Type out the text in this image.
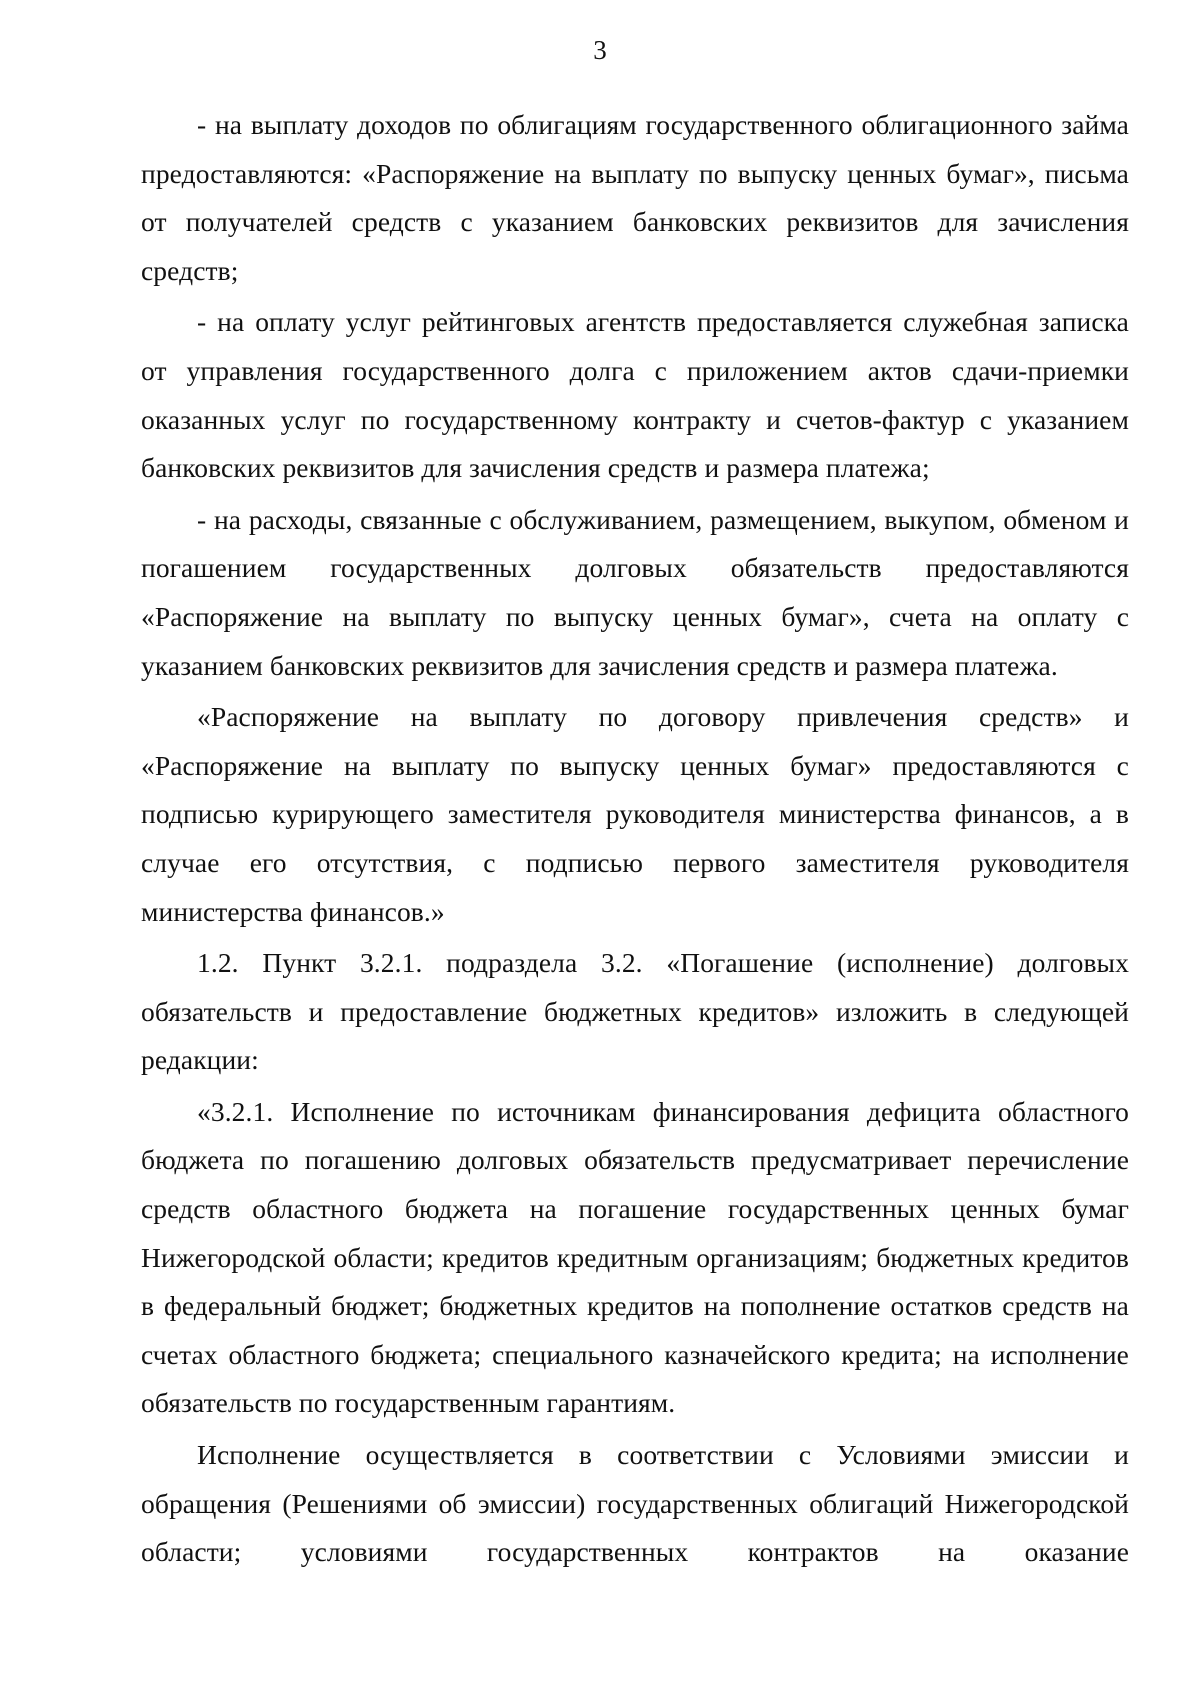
3

- на выплату доходов по облигациям государственного облигационного займа предоставляются: «Распоряжение на выплату по выпуску ценных бумаг», письма от получателей средств с указанием банковских реквизитов для зачисления средств;

- на оплату услуг рейтинговых агентств предоставляется служебная записка от управления государственного долга с приложением актов сдачи-приемки оказанных услуг по государственному контракту и счетов-фактур с указанием банковских реквизитов для зачисления средств и размера платежа;

- на расходы, связанные с обслуживанием, размещением, выкупом, обменом и погашением государственных долговых обязательств предоставляются «Распоряжение на выплату по выпуску ценных бумаг», счета на оплату с указанием банковских реквизитов для зачисления средств и размера платежа.

«Распоряжение на выплату по договору привлечения средств» и «Распоряжение на выплату по выпуску ценных бумаг» предоставляются с подписью курирующего заместителя руководителя министерства финансов, а в случае его отсутствия, с подписью первого заместителя руководителя министерства финансов.»

1.2. Пункт 3.2.1. подраздела 3.2. «Погашение (исполнение) долговых обязательств и предоставление бюджетных кредитов» изложить в следующей редакции:

«3.2.1. Исполнение по источникам финансирования дефицита областного бюджета по погашению долговых обязательств предусматривает перечисление средств областного бюджета на погашение государственных ценных бумаг Нижегородской области; кредитов кредитным организациям; бюджетных кредитов в федеральный бюджет; бюджетных кредитов на пополнение остатков средств на счетах областного бюджета; специального казначейского кредита; на исполнение обязательств по государственным гарантиям.

Исполнение осуществляется в соответствии с Условиями эмиссии и обращения (Решениями об эмиссии) государственных облигаций Нижегородской области; условиями государственных контрактов на оказание
